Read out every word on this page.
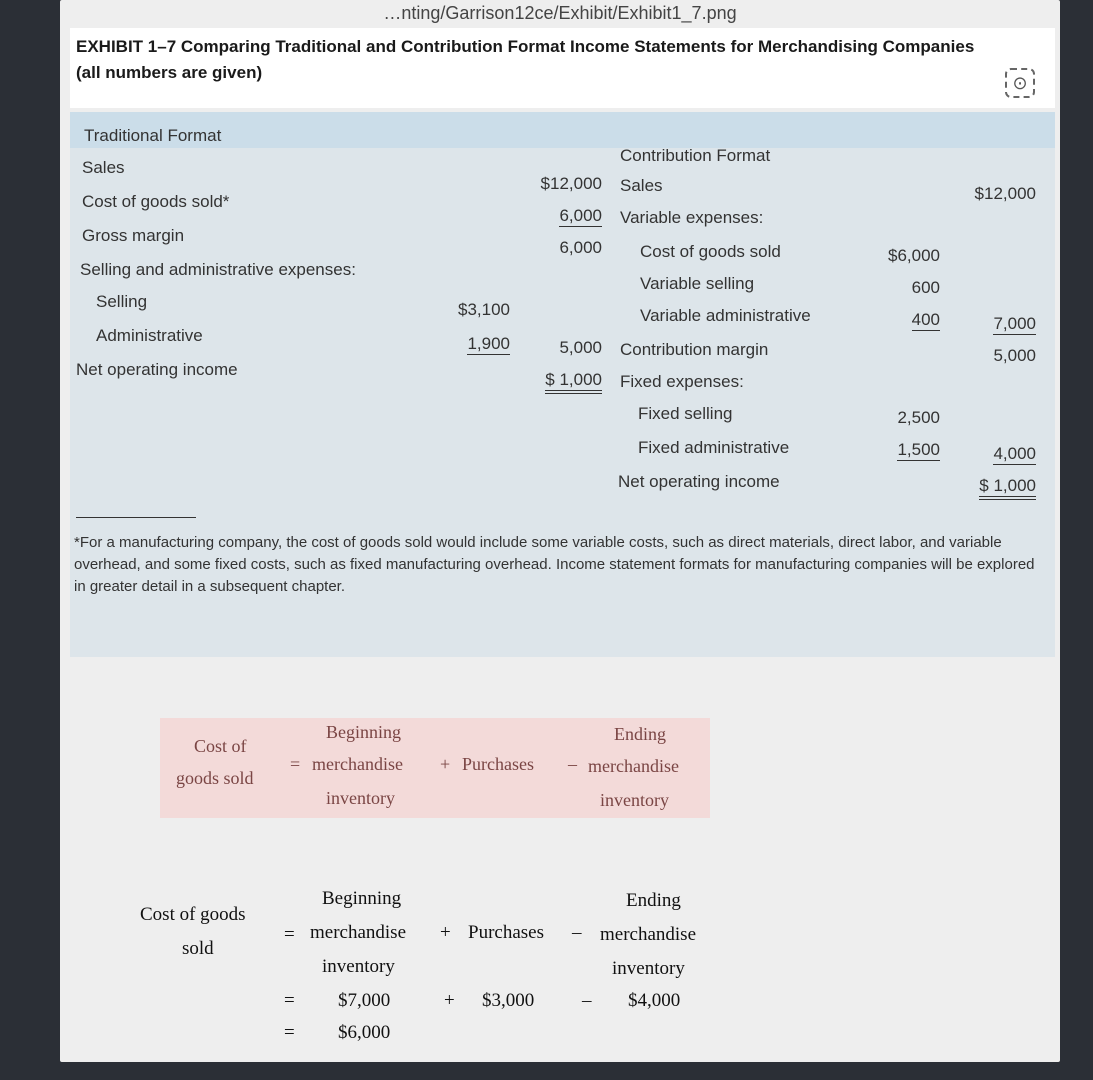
…nting/Garrison12ce/Exhibit/Exhibit1_7.png
EXHIBIT 1–7 Comparing Traditional and Contribution Format Income Statements for Merchandising Companies (all numbers are given)
⊙
Traditional Format
Sales
Cost of goods sold*
Gross margin
Selling and administrative expenses:
Selling
Administrative
Net operating income
$3,100
1,900
$12,000
6,000
6,000
5,000
$ 1,000
Contribution Format
Sales
Variable expenses:
Cost of goods sold
Variable selling
Variable administrative
Contribution margin
Fixed expenses:
Fixed selling
Fixed administrative
Net operating income
$6,000
600
400
2,500
1,500
$12,000
7,000
5,000
4,000
$ 1,000
*For a manufacturing company, the cost of goods sold would include some variable costs, such as direct materials, direct labor, and variable overhead, and some fixed costs, such as fixed manufacturing overhead. Income statement formats for manufacturing companies will be explored in greater detail in a subsequent chapter.
Cost of
goods sold
=
Beginning
merchandise
inventory
+ Purchases –
Ending
merchandise
inventory
Cost of goods
sold
=
Beginning
merchandise
inventory
+ Purchases –
Ending
merchandise
inventory
= $7,000	+ $3,000	– $4,000
= $6,000
